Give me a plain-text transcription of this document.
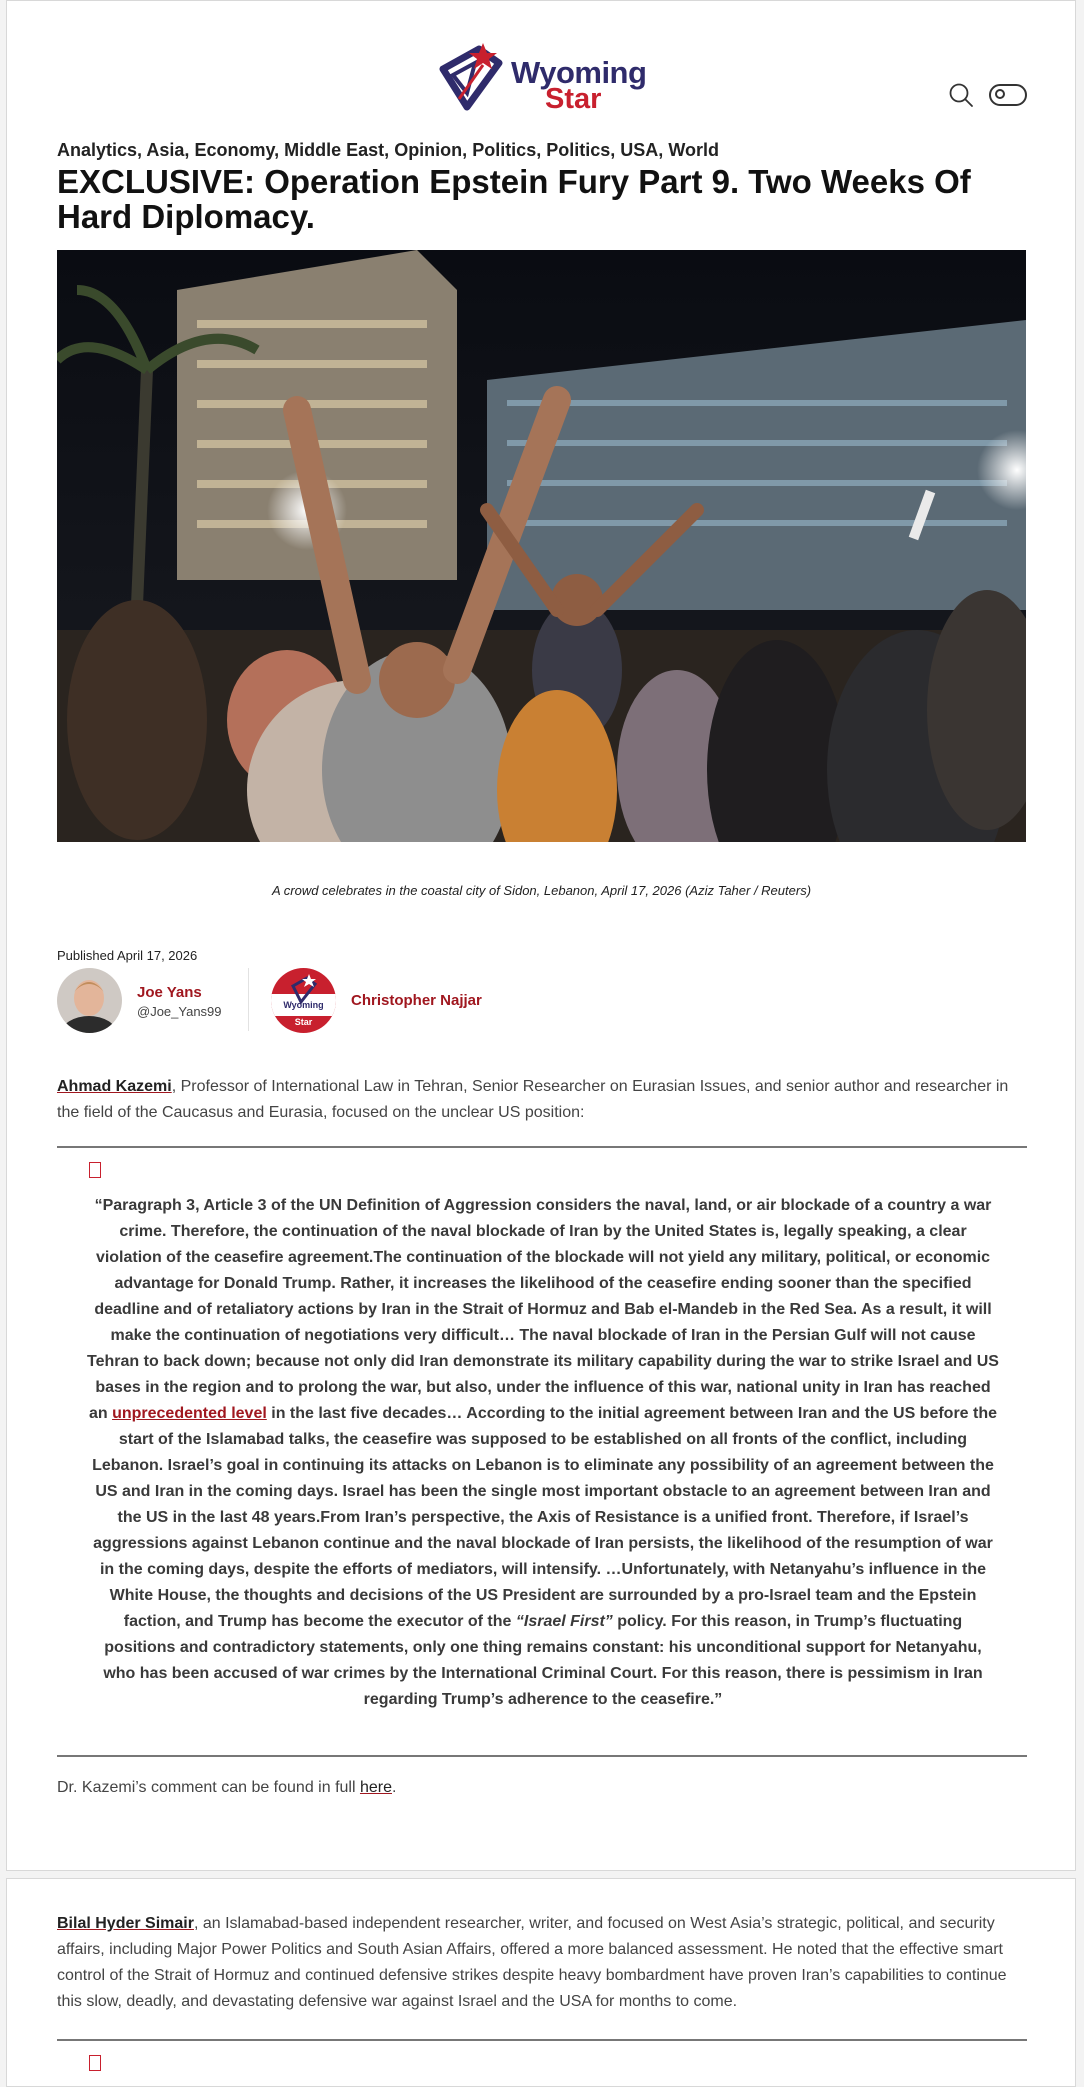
Wyoming
Star
Analytics, Asia, Economy, Middle East, Opinion, Politics, Politics, USA, World
EXCLUSIVE: Operation Epstein Fury Part 9. Two Weeks Of Hard Diplomacy.
A crowd celebrates in the coastal city of Sidon, Lebanon, April 17, 2026 (Aziz Taher / Reuters)
Published April 17, 2026
Joe Yans
@Joe_Yans99	Wyoming
Star
Christopher Najjar
Ahmad Kazemi, Professor of International Law in Tehran, Senior Researcher on Eurasian Issues, and senior author and researcher in the field of the Caucasus and Eurasia, focused on the unclear US position:

“Paragraph 3, Article 3 of the UN Definition of Aggression considers the naval, land, or air blockade of a country a war crime. Therefore, the continuation of the naval blockade of Iran by the United States is, legally speaking, a clear violation of the ceasefire agreement.The continuation of the blockade will not yield any military, political, or economic advantage for Donald Trump. Rather, it increases the likelihood of the ceasefire ending sooner than the specified deadline and of retaliatory actions by Iran in the Strait of Hormuz and Bab el-Mandeb in the Red Sea. As a result, it will make the continuation of negotiations very difficult… The naval blockade of Iran in the Persian Gulf will not cause Tehran to back down; because not only did Iran demonstrate its military capability during the war to strike Israel and US bases in the region and to prolong the war, but also, under the influence of this war, national unity in Iran has reached an unprecedented level in the last five decades… According to the initial agreement between Iran and the US before the start of the Islamabad talks, the ceasefire was supposed to be established on all fronts of the conflict, including Lebanon. Israel’s goal in continuing its attacks on Lebanon is to eliminate any possibility of an agreement between the US and Iran in the coming days. Israel has been the single most important obstacle to an agreement between Iran and the US in the last 48 years.From Iran’s perspective, the Axis of Resistance is a unified front. Therefore, if Israel’s aggressions against Lebanon continue and the naval blockade of Iran persists, the likelihood of the resumption of war in the coming days, despite the efforts of mediators, will intensify. …Unfortunately, with Netanyahu’s influence in the White House, the thoughts and decisions of the US President are surrounded by a pro-Israel team and the Epstein faction, and Trump has become the executor of the “Israel First” policy. For this reason, in Trump’s fluctuating positions and contradictory statements, only one thing remains constant: his unconditional support for Netanyahu, who has been accused of war crimes by the International Criminal Court. For this reason, there is pessimism in Iran regarding Trump’s adherence to the ceasefire.”

Dr. Kazemi’s comment can be found in full here.
Bilal Hyder Simair, an Islamabad-based independent researcher, writer, and focused on West Asia’s strategic, political, and security affairs, including Major Power Politics and South Asian Affairs, offered a more balanced assessment. He noted that the effective smart control of the Strait of Hormuz and continued defensive strikes despite heavy bombardment have proven Iran’s capabilities to continue this slow, deadly, and devastating defensive war against Israel and the USA for months to come.
